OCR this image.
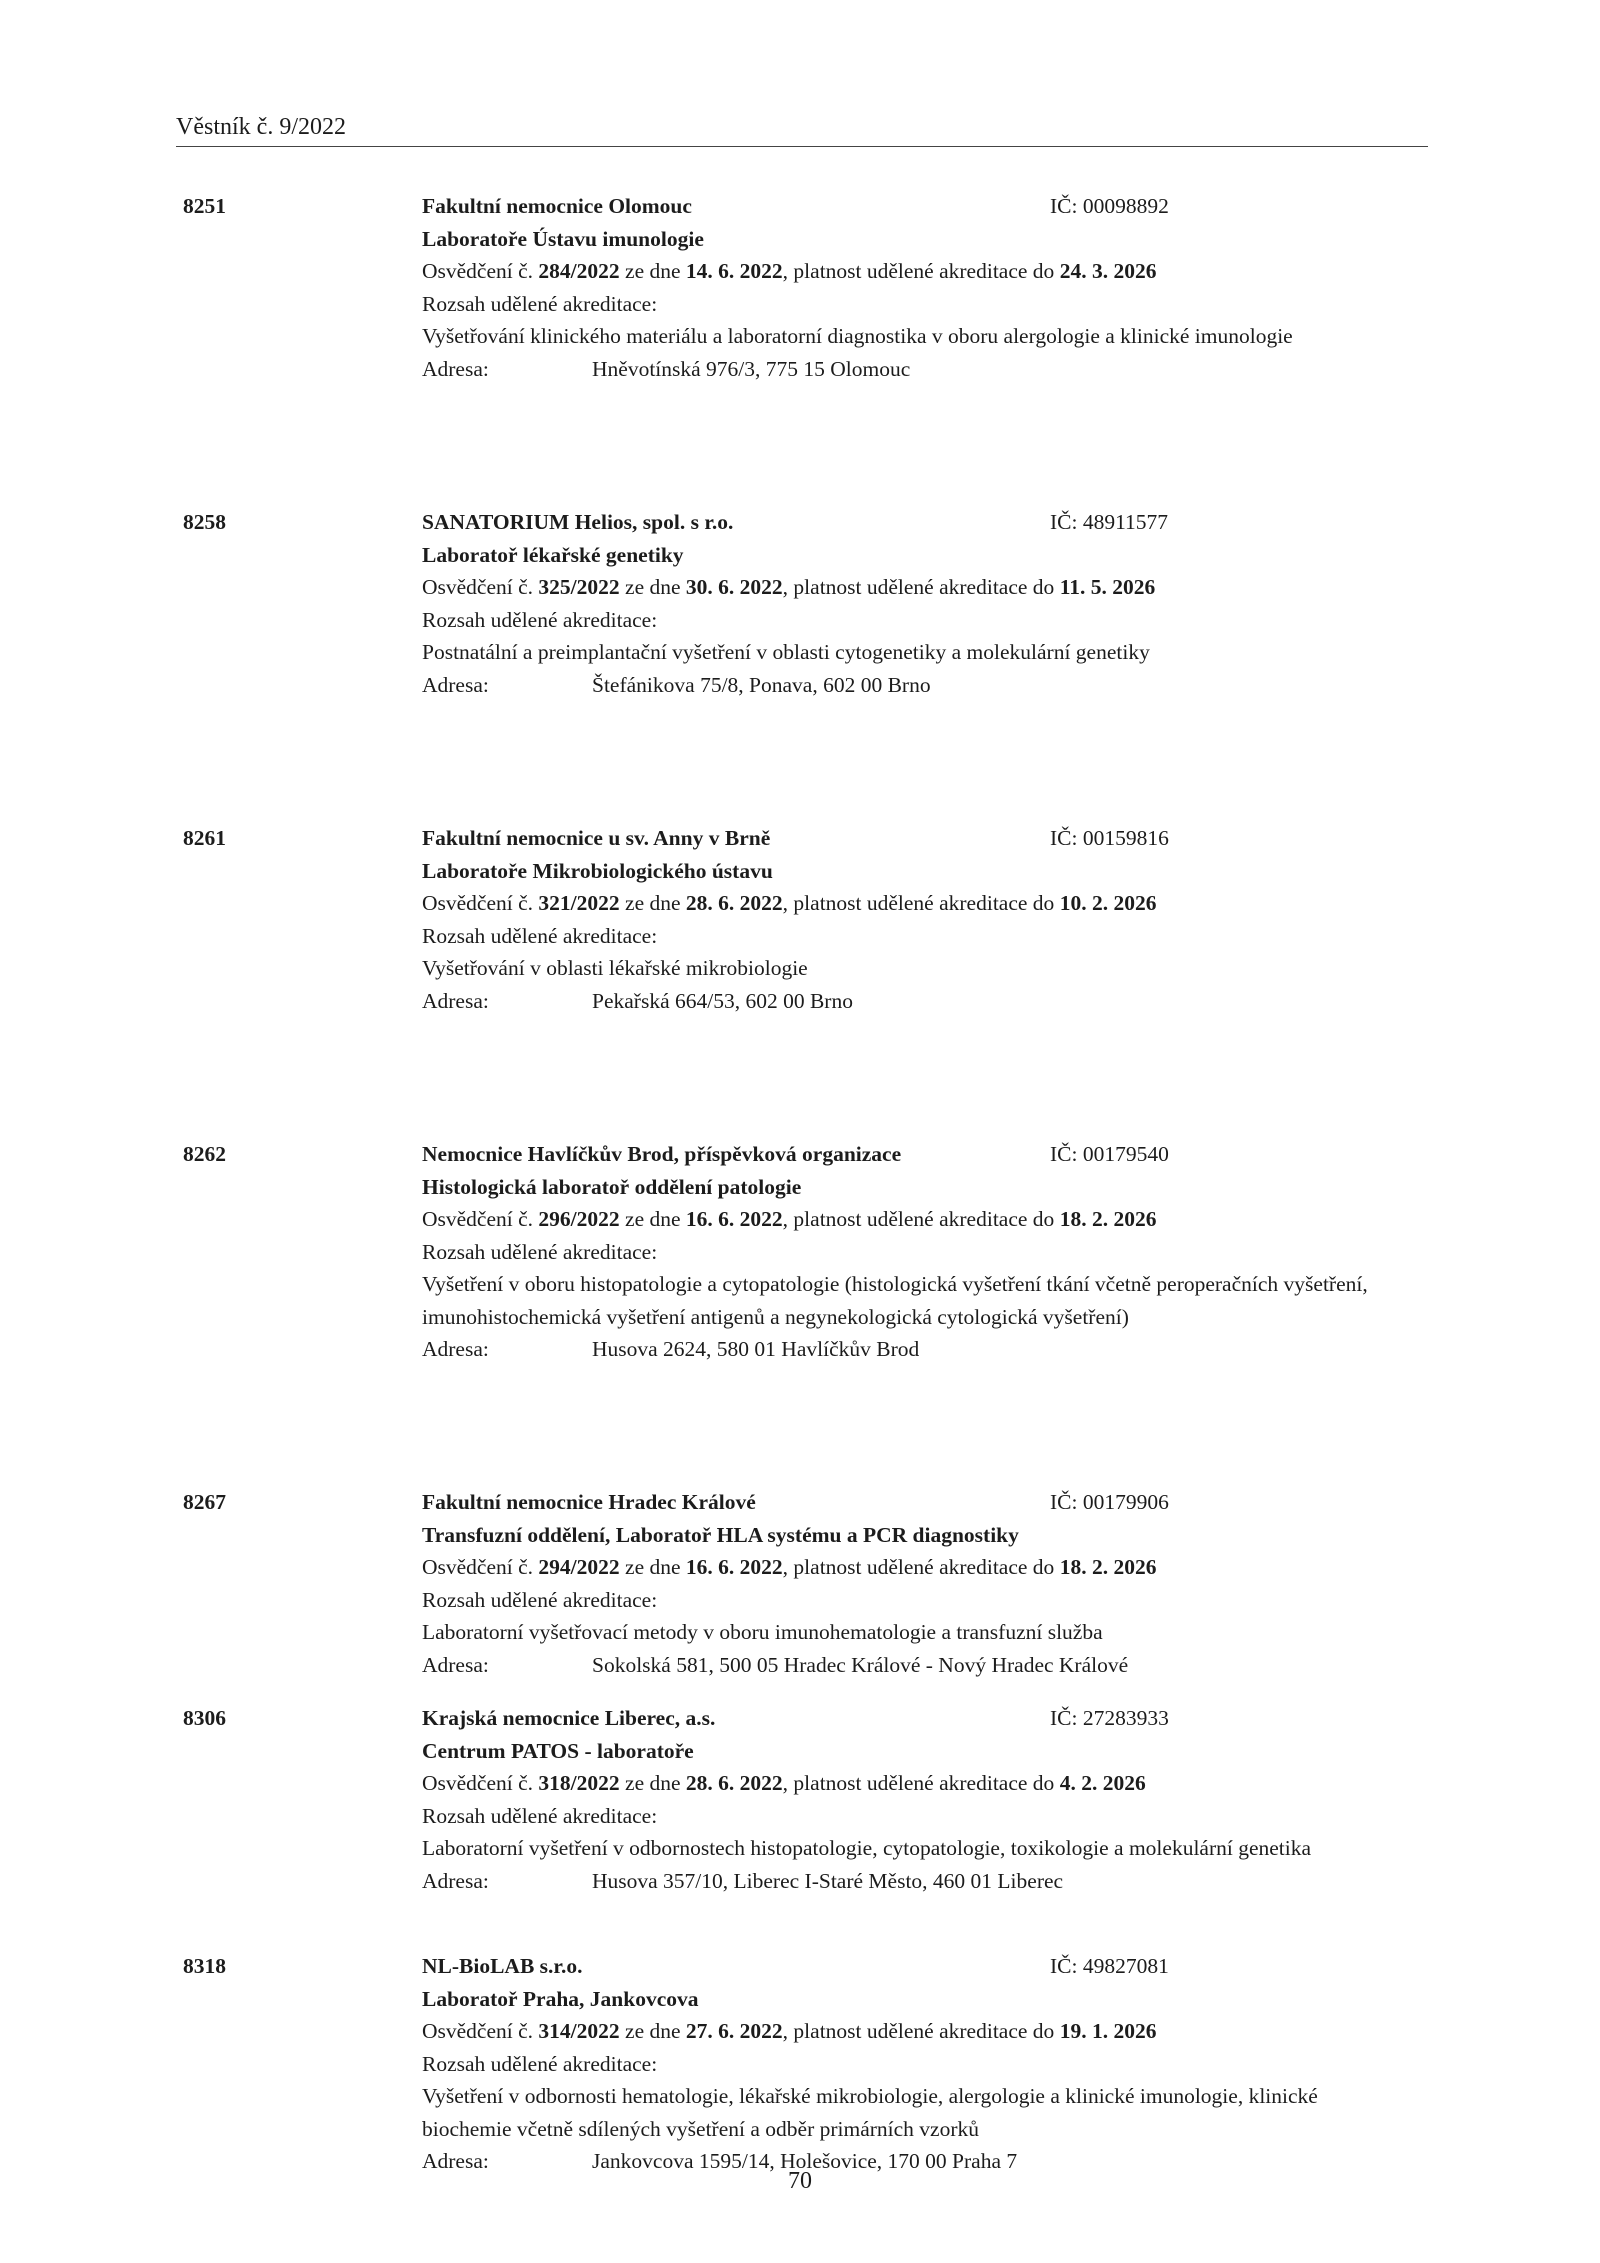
Věstník č. 9/2022
8251	Fakultní nemocnice Olomouc	IČ: 00098892
Laboratoře Ústavu imunologie
Osvědčení č. 284/2022 ze dne 14. 6. 2022, platnost udělené akreditace do 24. 3. 2026
Rozsah udělené akreditace:
Vyšetřování klinického materiálu a laboratorní diagnostika v oboru alergologie a klinické imunologie
Adresa:	Hněvotínská 976/3, 775 15 Olomouc
8258	SANATORIUM Helios, spol. s r.o.	IČ: 48911577
Laboratoř lékařské genetiky
Osvědčení č. 325/2022 ze dne 30. 6. 2022, platnost udělené akreditace do 11. 5. 2026
Rozsah udělené akreditace:
Postnatální a preimplantační vyšetření v oblasti cytogenetiky a molekulární genetiky
Adresa:	Štefánikova 75/8, Ponava, 602 00 Brno
8261	Fakultní nemocnice u sv. Anny v Brně	IČ: 00159816
Laboratoře Mikrobiologického ústavu
Osvědčení č. 321/2022 ze dne 28. 6. 2022, platnost udělené akreditace do 10. 2. 2026
Rozsah udělené akreditace:
Vyšetřování v oblasti lékařské mikrobiologie
Adresa:	Pekařská 664/53, 602 00 Brno
8262	Nemocnice Havlíčkův Brod, příspěvková organizace	IČ: 00179540
Histologická laboratoř oddělení patologie
Osvědčení č. 296/2022 ze dne 16. 6. 2022, platnost udělené akreditace do 18. 2. 2026
Rozsah udělené akreditace:
Vyšetření v oboru histopatologie a cytopatologie (histologická vyšetření tkání včetně peroperačních vyšetření, imunohistochemická vyšetření antigenů a negynekologická cytologická vyšetření)
Adresa:	Husova 2624, 580 01 Havlíčkův Brod
8267	Fakultní nemocnice Hradec Králové	IČ: 00179906
Transfuzní oddělení, Laboratoř HLA systému a PCR diagnostiky
Osvědčení č. 294/2022 ze dne 16. 6. 2022, platnost udělené akreditace do 18. 2. 2026
Rozsah udělené akreditace:
Laboratorní vyšetřovací metody v oboru imunohematologie a transfuzní služba
Adresa:	Sokolská 581, 500 05 Hradec Králové - Nový Hradec Králové
8306	Krajská nemocnice Liberec, a.s.	IČ: 27283933
Centrum PATOS - laboratoře
Osvědčení č. 318/2022 ze dne 28. 6. 2022, platnost udělené akreditace do 4. 2. 2026
Rozsah udělené akreditace:
Laboratorní vyšetření v odbornostech histopatologie, cytopatologie, toxikologie a molekulární genetika
Adresa:	Husova 357/10, Liberec I-Staré Město, 460 01 Liberec
8318	NL-BioLAB s.r.o.	IČ: 49827081
Laboratoř Praha, Jankovcova
Osvědčení č. 314/2022 ze dne 27. 6. 2022, platnost udělené akreditace do 19. 1. 2026
Rozsah udělené akreditace:
Vyšetření v odbornosti hematologie, lékařské mikrobiologie, alergologie a klinické imunologie, klinické biochemie včetně sdílených vyšetření a odběr primárních vzorků
Adresa:	Jankovcova 1595/14, Holešovice, 170 00 Praha 7
70
